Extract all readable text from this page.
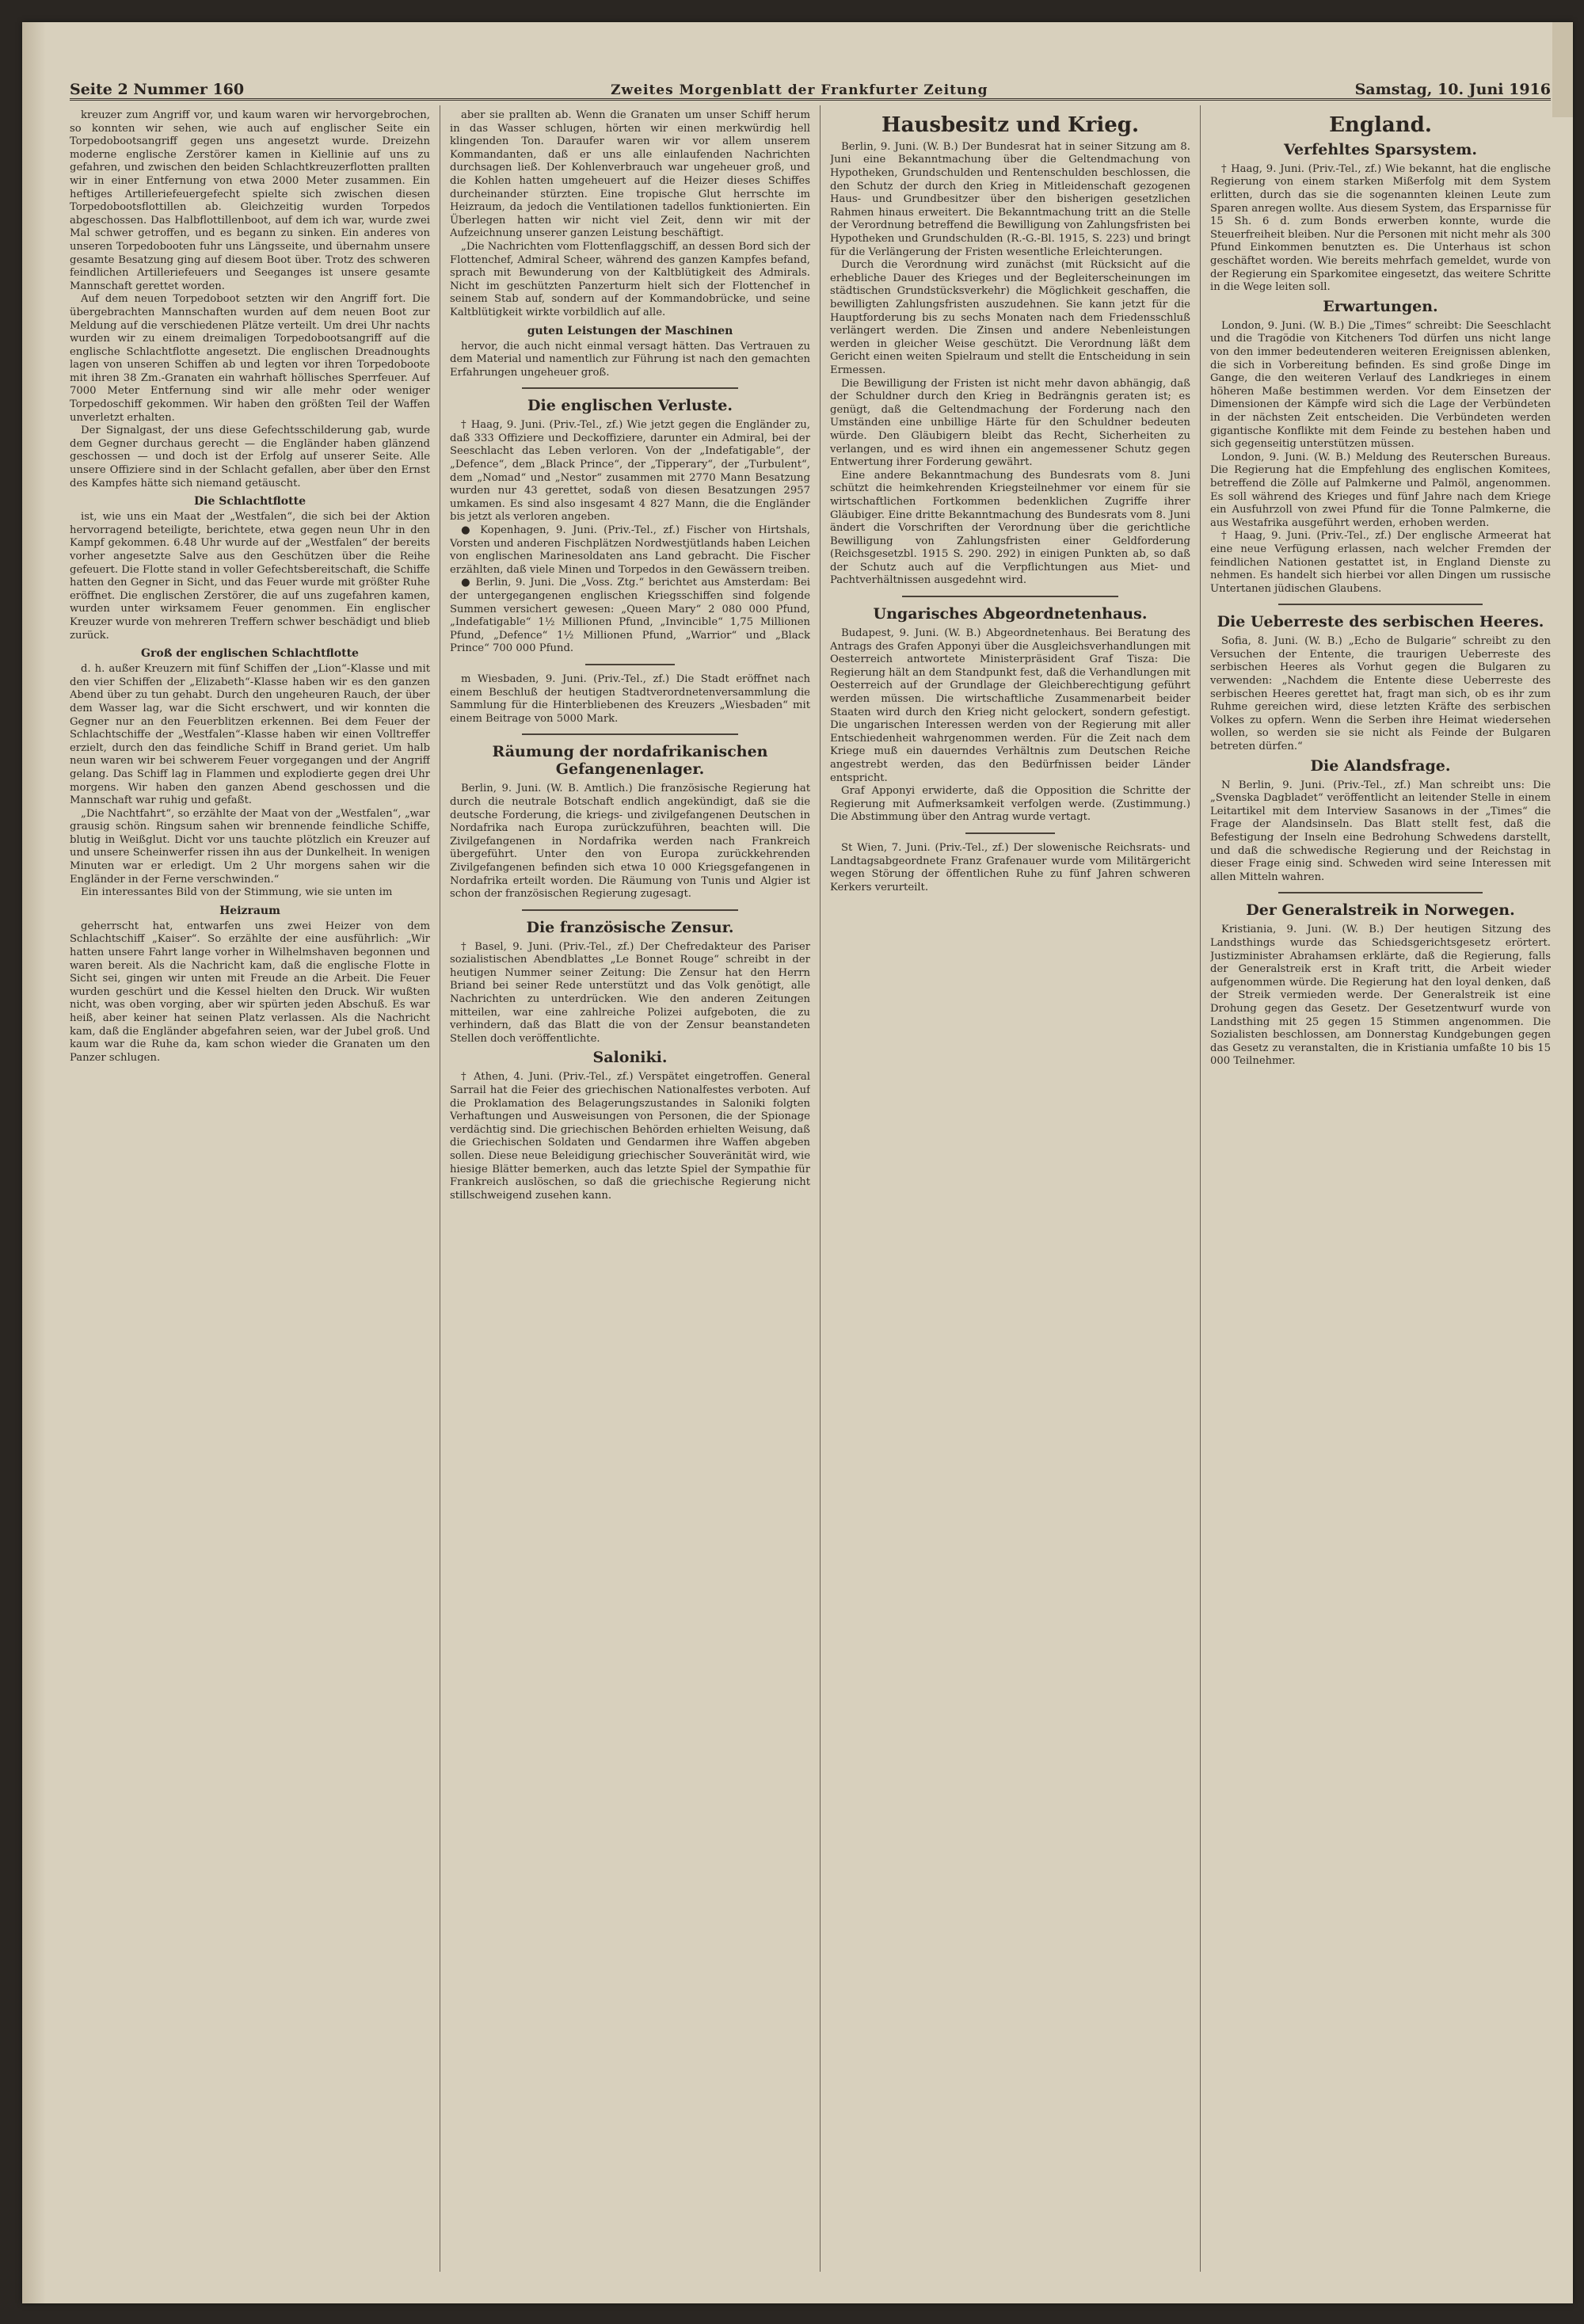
Seite 2 Nummer 160	Zweites Morgenblatt der Frankfurter Zeitung	Samstag, 10. Juni 1916

kreuzer zum Angriff vor, und kaum waren wir hervorgebrochen, so konnten wir sehen, wie auch auf englischer Seite ein Torpedobootsangriff gegen uns angesetzt wurde. Dreizehn moderne englische Zerstörer kamen in Kiellinie auf uns zu gefahren, und zwischen den beiden Schlachtkreuzerflotten prallten wir in einer Entfernung von etwa 2000 Meter zusammen. Ein heftiges Artilleriefeuergefecht spielte sich zwischen diesen Torpedobootsflottillen ab. Gleichzeitig wurden Torpedos abgeschossen. Das Halbflottillenboot, auf dem ich war, wurde zwei Mal schwer getroffen, und es begann zu sinken. Ein anderes von unseren Torpedobooten fuhr uns Längsseite, und übernahm unsere gesamte Besatzung ging auf diesem Boot über. Trotz des schweren feindlichen Artilleriefeuers und Seeganges ist unsere gesamte Mannschaft gerettet worden.

Auf dem neuen Torpedoboot setzten wir den Angriff fort. Die übergebrachten Mannschaften wurden auf dem neuen Boot zur Meldung auf die verschiedenen Plätze verteilt. Um drei Uhr nachts wurden wir zu einem dreimaligen Torpedobootsangriff auf die englische Schlachtflotte angesetzt. Die englischen Dreadnoughts lagen von unseren Schiffen ab und legten vor ihren Torpedoboote mit ihren 38 Zm.-Granaten ein wahrhaft höllisches Sperrfeuer. Auf 7000 Meter Entfernung sind wir alle mehr oder weniger Torpedoschiff gekommen. Wir haben den größten Teil der Waffen unverletzt erhalten.

Der Signalgast, der uns diese Gefechtsschilderung gab, wurde dem Gegner durchaus gerecht — die Engländer haben glänzend geschossen — und doch ist der Erfolg auf unserer Seite. Alle unsere Offiziere sind in der Schlacht gefallen, aber über den Ernst des Kampfes hätte sich niemand getäuscht.

Die Schlachtflotte

ist, wie uns ein Maat der „Westfalen“, die sich bei der Aktion hervorragend beteiligte, berichtete, etwa gegen neun Uhr in den Kampf gekommen. 6.48 Uhr wurde auf der „Westfalen“ der bereits vorher angesetzte Salve aus den Geschützen über die Reihe gefeuert. Die Flotte stand in voller Gefechtsbereitschaft, die Schiffe hatten den Gegner in Sicht, und das Feuer wurde mit größter Ruhe eröffnet. Die englischen Zerstörer, die auf uns zugefahren kamen, wurden unter wirksamem Feuer genommen. Ein englischer Kreuzer wurde von mehreren Treffern schwer beschädigt und blieb zurück.

Groß der englischen Schlachtflotte

d. h. außer Kreuzern mit fünf Schiffen der „Lion“-Klasse und mit den vier Schiffen der „Elizabeth“-Klasse haben wir es den ganzen Abend über zu tun gehabt. Durch den ungeheuren Rauch, der über dem Wasser lag, war die Sicht erschwert, und wir konnten die Gegner nur an den Feuerblitzen erkennen. Bei dem Feuer der Schlachtschiffe der „Westfalen“-Klasse haben wir einen Volltreffer erzielt, durch den das feindliche Schiff in Brand geriet. Um halb neun waren wir bei schwerem Feuer vorgegangen und der Angriff gelang. Das Schiff lag in Flammen und explodierte gegen drei Uhr morgens. Wir haben den ganzen Abend geschossen und die Mannschaft war ruhig und gefaßt.

„Die Nachtfahrt“, so erzählte der Maat von der „Westfalen“, „war grausig schön. Ringsum sahen wir brennende feindliche Schiffe, blutig in Weißglut. Dicht vor uns tauchte plötzlich ein Kreuzer auf und unsere Scheinwerfer rissen ihn aus der Dunkelheit. In wenigen Minuten war er erledigt. Um 2 Uhr morgens sahen wir die Engländer in der Ferne verschwinden.“

Ein interessantes Bild von der Stimmung, wie sie unten im

Heizraum

geherrscht hat, entwarfen uns zwei Heizer von dem Schlachtschiff „Kaiser“. So erzählte der eine ausführlich: „Wir hatten unsere Fahrt lange vorher in Wilhelmshaven begonnen und waren bereit. Als die Nachricht kam, daß die englische Flotte in Sicht sei, gingen wir unten mit Freude an die Arbeit. Die Feuer wurden geschürt und die Kessel hielten den Druck. Wir wußten nicht, was oben vorging, aber wir spürten jeden Abschuß. Es war heiß, aber keiner hat seinen Platz verlassen. Als die Nachricht kam, daß die Engländer abgefahren seien, war der Jubel groß. Und kaum war die Ruhe da, kam schon wieder die Granaten um den Panzer schlugen.

aber sie prallten ab. Wenn die Granaten um unser Schiff herum in das Wasser schlugen, hörten wir einen merkwürdig hell klingenden Ton. Daraufer waren wir vor allem unserem Kommandanten, daß er uns alle einlaufenden Nachrichten durchsagen ließ. Der Kohlenverbrauch war ungeheuer groß, und die Kohlen hatten umgeheuert auf die Heizer dieses Schiffes durcheinander stürzten. Eine tropische Glut herrschte im Heizraum, da jedoch die Ventilationen tadellos funktionierten. Ein Überlegen hatten wir nicht viel Zeit, denn wir mit der Aufzeichnung unserer ganzen Leistung beschäftigt.

„Die Nachrichten vom Flottenflaggschiff, an dessen Bord sich der Flottenchef, Admiral Scheer, während des ganzen Kampfes befand, sprach mit Bewunderung von der Kaltblütigkeit des Admirals. Nicht im geschützten Panzerturm hielt sich der Flottenchef in seinem Stab auf, sondern auf der Kommandobrücke, und seine Kaltblütigkeit wirkte vorbildlich auf alle.

guten Leistungen der Maschinen

hervor, die auch nicht einmal versagt hätten. Das Vertrauen zu dem Material und namentlich zur Führung ist nach den gemachten Erfahrungen ungeheuer groß.

Die englischen Verluste.

† Haag, 9. Juni. (Priv.-Tel., zf.) Wie jetzt gegen die Engländer zu, daß 333 Offiziere und Deckoffiziere, darunter ein Admiral, bei der Seeschlacht das Leben verloren. Von der „Indefatigable“, der „Defence“, dem „Black Prince“, der „Tipperary“, der „Turbulent“, dem „Nomad“ und „Nestor“ zusammen mit 2770 Mann Besatzung wurden nur 43 gerettet, sodaß von diesen Besatzungen 2957 umkamen. Es sind also insgesamt 4 827 Mann, die die Engländer bis jetzt als verloren angeben.

● Kopenhagen, 9. Juni. (Priv.-Tel., zf.) Fischer von Hirtshals, Vorsten und anderen Fischplätzen Nordwestjütlands haben Leichen von englischen Marinesoldaten ans Land gebracht. Die Fischer erzählten, daß viele Minen und Torpedos in den Gewässern treiben.

● Berlin, 9. Juni. Die „Voss. Ztg.“ berichtet aus Amsterdam: Bei der untergegangenen englischen Kriegsschiffen sind folgende Summen versichert gewesen: „Queen Mary“ 2 080 000 Pfund, „Indefatigable“ 1½ Millionen Pfund, „Invincible“ 1,75 Millionen Pfund, „Defence“ 1½ Millionen Pfund, „Warrior“ und „Black Prince“ 700 000 Pfund.

m Wiesbaden, 9. Juni. (Priv.-Tel., zf.) Die Stadt eröffnet nach einem Beschluß der heutigen Stadtverordnetenversammlung die Sammlung für die Hinterbliebenen des Kreuzers „Wiesbaden“ mit einem Beitrage von 5000 Mark.

Räumung der nordafrikanischen Gefangenenlager.

Berlin, 9. Juni. (W. B. Amtlich.) Die französische Regierung hat durch die neutrale Botschaft endlich angekündigt, daß sie die deutsche Forderung, die kriegs- und zivilgefangenen Deutschen in Nordafrika nach Europa zurückzuführen, beachten will. Die Zivilgefangenen in Nordafrika werden nach Frankreich übergeführt. Unter den von Europa zurückkehrenden Zivilgefangenen befinden sich etwa 10 000 Kriegsgefangenen in Nordafrika erteilt worden. Die Räumung von Tunis und Algier ist schon der französischen Regierung zugesagt.

Die französische Zensur.

† Basel, 9. Juni. (Priv.-Tel., zf.) Der Chefredakteur des Pariser sozialistischen Abendblattes „Le Bonnet Rouge“ schreibt in der heutigen Nummer seiner Zeitung: Die Zensur hat den Herrn Briand bei seiner Rede unterstützt und das Volk genötigt, alle Nachrichten zu unterdrücken. Wie den anderen Zeitungen mitteilen, war eine zahlreiche Polizei aufgeboten, die zu verhindern, daß das Blatt die von der Zensur beanstandeten Stellen doch veröffentlichte.

Saloniki.

† Athen, 4. Juni. (Priv.-Tel., zf.) Verspätet eingetroffen. General Sarrail hat die Feier des griechischen Nationalfestes verboten. Auf die Proklamation des Belagerungszustandes in Saloniki folgten Verhaftungen und Ausweisungen von Personen, die der Spionage verdächtig sind. Die griechischen Behörden erhielten Weisung, daß die Griechischen Soldaten und Gendarmen ihre Waffen abgeben sollen. Diese neue Beleidigung griechischer Souveränität wird, wie hiesige Blätter bemerken, auch das letzte Spiel der Sympathie für Frankreich auslöschen, so daß die griechische Regierung nicht stillschweigend zusehen kann.

Hausbesitz und Krieg.

Berlin, 9. Juni. (W. B.) Der Bundesrat hat in seiner Sitzung am 8. Juni eine Bekanntmachung über die Geltendmachung von Hypotheken, Grundschulden und Rentenschulden beschlossen, die den Schutz der durch den Krieg in Mitleidenschaft gezogenen Haus- und Grundbesitzer über den bisherigen gesetzlichen Rahmen hinaus erweitert. Die Bekanntmachung tritt an die Stelle der Verordnung betreffend die Bewilligung von Zahlungsfristen bei Hypotheken und Grundschulden (R.-G.-Bl. 1915, S. 223) und bringt für die Verlängerung der Fristen wesentliche Erleichterungen.

Durch die Verordnung wird zunächst (mit Rücksicht auf die erhebliche Dauer des Krieges und der Begleiterscheinungen im städtischen Grundstücksverkehr) die Möglichkeit geschaffen, die bewilligten Zahlungsfristen auszudehnen. Sie kann jetzt für die Hauptforderung bis zu sechs Monaten nach dem Friedensschluß verlängert werden. Die Zinsen und andere Nebenleistungen werden in gleicher Weise geschützt. Die Verordnung läßt dem Gericht einen weiten Spielraum und stellt die Entscheidung in sein Ermessen.

Die Bewilligung der Fristen ist nicht mehr davon abhängig, daß der Schuldner durch den Krieg in Bedrängnis geraten ist; es genügt, daß die Geltendmachung der Forderung nach den Umständen eine unbillige Härte für den Schuldner bedeuten würde. Den Gläubigern bleibt das Recht, Sicherheiten zu verlangen, und es wird ihnen ein angemessener Schutz gegen Entwertung ihrer Forderung gewährt.

Eine andere Bekanntmachung des Bundesrats vom 8. Juni schützt die heimkehrenden Kriegsteilnehmer vor einem für sie wirtschaftlichen Fortkommen bedenklichen Zugriffe ihrer Gläubiger. Eine dritte Bekanntmachung des Bundesrats vom 8. Juni ändert die Vorschriften der Verordnung über die gerichtliche Bewilligung von Zahlungsfristen einer Geldforderung (Reichsgesetzbl. 1915 S. 290. 292) in einigen Punkten ab, so daß der Schutz auch auf die Verpflichtungen aus Miet- und Pachtverhältnissen ausgedehnt wird.

Ungarisches Abgeordnetenhaus.

Budapest, 9. Juni. (W. B.) Abgeordnetenhaus. Bei Beratung des Antrags des Grafen Apponyi über die Ausgleichsverhandlungen mit Oesterreich antwortete Ministerpräsident Graf Tisza: Die Regierung hält an dem Standpunkt fest, daß die Verhandlungen mit Oesterreich auf der Grundlage der Gleichberechtigung geführt werden müssen. Die wirtschaftliche Zusammenarbeit beider Staaten wird durch den Krieg nicht gelockert, sondern gefestigt. Die ungarischen Interessen werden von der Regierung mit aller Entschiedenheit wahrgenommen werden. Für die Zeit nach dem Kriege muß ein dauerndes Verhältnis zum Deutschen Reiche angestrebt werden, das den Bedürfnissen beider Länder entspricht.

Graf Apponyi erwiderte, daß die Opposition die Schritte der Regierung mit Aufmerksamkeit verfolgen werde. (Zustimmung.) Die Abstimmung über den Antrag wurde vertagt.

St Wien, 7. Juni. (Priv.-Tel., zf.) Der slowenische Reichsrats- und Landtagsabgeordnete Franz Grafenauer wurde vom Militärgericht wegen Störung der öffentlichen Ruhe zu fünf Jahren schweren Kerkers verurteilt.

England.
Verfehltes Sparsystem.

† Haag, 9. Juni. (Priv.-Tel., zf.) Wie bekannt, hat die englische Regierung von einem starken Mißerfolg mit dem System erlitten, durch das sie die sogenannten kleinen Leute zum Sparen anregen wollte. Aus diesem System, das Ersparnisse für 15 Sh. 6 d. zum Bonds erwerben konnte, wurde die Steuerfreiheit bleiben. Nur die Personen mit nicht mehr als 300 Pfund Einkommen benutzten es. Die Unterhaus ist schon geschäftet worden. Wie bereits mehrfach gemeldet, wurde von der Regierung ein Sparkomitee eingesetzt, das weitere Schritte in die Wege leiten soll.

Erwartungen.

London, 9. Juni. (W. B.) Die „Times“ schreibt: Die Seeschlacht und die Tragödie von Kitcheners Tod dürfen uns nicht lange von den immer bedeutenderen weiteren Ereignissen ablenken, die sich in Vorbereitung befinden. Es sind große Dinge im Gange, die den weiteren Verlauf des Landkrieges in einem höheren Maße bestimmen werden. Vor dem Einsetzen der Dimensionen der Kämpfe wird sich die Lage der Verbündeten in der nächsten Zeit entscheiden. Die Verbündeten werden gigantische Konflikte mit dem Feinde zu bestehen haben und sich gegenseitig unterstützen müssen.

London, 9. Juni. (W. B.) Meldung des Reuterschen Bureaus. Die Regierung hat die Empfehlung des englischen Komitees, betreffend die Zölle auf Palmkerne und Palmöl, angenommen. Es soll während des Krieges und fünf Jahre nach dem Kriege ein Ausfuhrzoll von zwei Pfund für die Tonne Palmkerne, die aus Westafrika ausgeführt werden, erhoben werden.

† Haag, 9. Juni. (Priv.-Tel., zf.) Der englische Armeerat hat eine neue Verfügung erlassen, nach welcher Fremden der feindlichen Nationen gestattet ist, in England Dienste zu nehmen. Es handelt sich hierbei vor allen Dingen um russische Untertanen jüdischen Glaubens.

Die Ueberreste des serbischen Heeres.

Sofia, 8. Juni. (W. B.) „Echo de Bulgarie“ schreibt zu den Versuchen der Entente, die traurigen Ueberreste des serbischen Heeres als Vorhut gegen die Bulgaren zu verwenden: „Nachdem die Entente diese Ueberreste des serbischen Heeres gerettet hat, fragt man sich, ob es ihr zum Ruhme gereichen wird, diese letzten Kräfte des serbischen Volkes zu opfern. Wenn die Serben ihre Heimat wiedersehen wollen, so werden sie sie nicht als Feinde der Bulgaren betreten dürfen.“

Die Alandsfrage.

N Berlin, 9. Juni. (Priv.-Tel., zf.) Man schreibt uns: Die „Svenska Dagbladet“ veröffentlicht an leitender Stelle in einem Leitartikel mit dem Interview Sasanows in der „Times“ die Frage der Alandsinseln. Das Blatt stellt fest, daß die Befestigung der Inseln eine Bedrohung Schwedens darstellt, und daß die schwedische Regierung und der Reichstag in dieser Frage einig sind. Schweden wird seine Interessen mit allen Mitteln wahren.

Der Generalstreik in Norwegen.

Kristiania, 9. Juni. (W. B.) Der heutigen Sitzung des Landsthings wurde das Schiedsgerichtsgesetz erörtert. Justizminister Abrahamsen erklärte, daß die Regierung, falls der Generalstreik erst in Kraft tritt, die Arbeit wieder aufgenommen würde. Die Regierung hat den loyal denken, daß der Streik vermieden werde. Der Generalstreik ist eine Drohung gegen das Gesetz. Der Gesetzentwurf wurde von Landsthing mit 25 gegen 15 Stimmen angenommen. Die Sozialisten beschlossen, am Donnerstag Kundgebungen gegen das Gesetz zu veranstalten, die in Kristiania umfaßte 10 bis 15 000 Teilnehmer.
